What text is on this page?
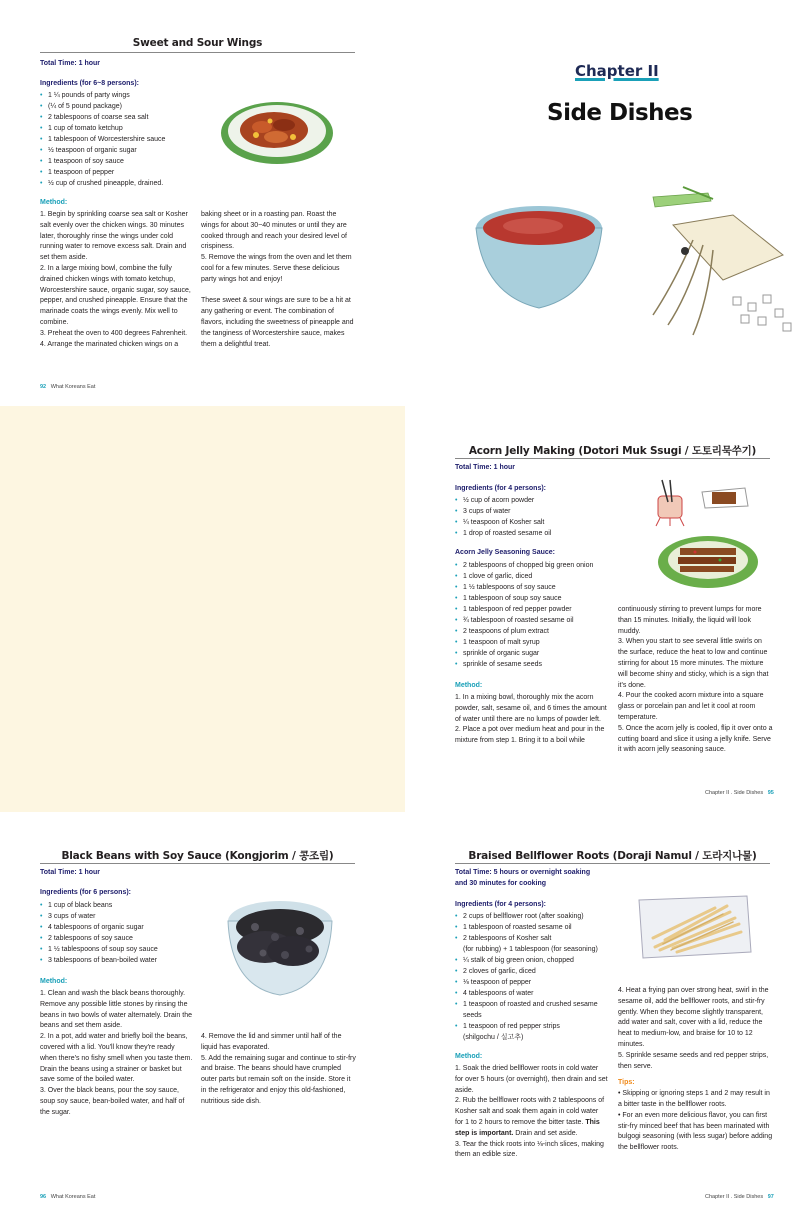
Sweet and Sour Wings
Total Time: 1 hour
Ingredients (for 6~8 persons):
• 1 ¼ pounds of party wings
• (¼ of 5 pound package)
• 2 tablespoons of coarse sea salt
• 1 cup of tomato ketchup
• 1 tablespoon of Worcestershire sauce
• ½ teaspoon of organic sugar
• 1 teaspoon of soy sauce
• 1 teaspoon of pepper
• ½ cup of crushed pineapple, drained.
Method:

1. Begin by sprinkling coarse sea salt or Kosher salt evenly over the chicken wings. 30 minutes later, thoroughly rinse the wings under cold running water to remove excess salt. Drain and set them aside.

2. In a large mixing bowl, combine the fully drained chicken wings with tomato ketchup, Worcestershire sauce, organic sugar, soy sauce, pepper, and crushed pineapple. Ensure that the marinade coats the wings evenly. Mix well to combine.

3. Preheat the oven to 400 degrees Fahrenheit.

4. Arrange the marinated chicken wings on a

baking sheet or in a roasting pan. Roast the wings for about 30~40 minutes or until they are cooked through and reach your desired level of crispiness.

5. Remove the wings from the oven and let them cool for a few minutes. Serve these delicious party wings hot and enjoy!

These sweet & sour wings are sure to be a hit at any gathering or event. The combination of flavors, including the sweetness of pineapple and the tanginess of Worcestershire sauce, makes them a delightful treat.

92 What Koreans Eat
Chapter II
Side Dishes
Acorn Jelly Making (Dotori Muk Ssugi / 도토리묵쑤기)
Total Time: 1 hour
Ingredients (for 4 persons):
• ½ cup of acorn powder
• 3 cups of water
• ¼ teaspoon of Kosher salt
• 1 drop of roasted sesame oil
Acorn Jelly Seasoning Sauce:
• 2 tablespoons of chopped big green onion
• 1 clove of garlic, diced
• 1 ½ tablespoons of soy sauce
• 1 tablespoon of soup soy sauce
• 1 tablespoon of red pepper powder
• ¾ tablespoon of roasted sesame oil
• 2 teaspoons of plum extract
• 1 teaspoon of malt syrup
• sprinkle of organic sugar
• sprinkle of sesame seeds
Method:

1. In a mixing bowl, thoroughly mix the acorn powder, salt, sesame oil, and 6 times the amount of water until there are no lumps of powder left.

2. Place a pot over medium heat and pour in the mixture from step 1. Bring it to a boil while

continuously stirring to prevent lumps for more than 15 minutes. Initially, the liquid will look muddy.

3. When you start to see several little swirls on the surface, reduce the heat to low and continue stirring for about 15 more minutes. The mixture will become shiny and sticky, which is a sign that it's done.

4. Pour the cooked acorn mixture into a square glass or porcelain pan and let it cool at room temperature.

5. Once the acorn jelly is cooled, flip it over onto a cutting board and slice it using a jelly knife. Serve it with acorn jelly seasoning sauce.

Chapter II . Side Dishes 95
Black Beans with Soy Sauce (Kongjorim / 콩조림)
Total Time: 1 hour
Ingredients (for 6 persons):
• 1 cup of black beans
• 3 cups of water
• 4 tablespoons of organic sugar
• 2 tablespoons of soy sauce
• 1 ½ tablespoons of soup soy sauce
• 3 tablespoons of bean-boiled water
Method:

1. Clean and wash the black beans thoroughly. Remove any possible little stones by rinsing the beans in two bowls of water alternately. Drain the beans and set them aside.

2. In a pot, add water and briefly boil the beans, covered with a lid. You'll know they're ready when there's no fishy smell when you taste them. Drain the beans using a strainer or basket but save some of the boiled water.

3. Over the black beans, pour the soy sauce, soup soy sauce, bean-boiled water, and half of the sugar.

4. Remove the lid and simmer until half of the liquid has evaporated.

5. Add the remaining sugar and continue to stir-fry and braise. The beans should have crumpled outer parts but remain soft on the inside. Store it in the refrigerator and enjoy this old-fashioned, nutritious side dish.

96 What Koreans Eat
Braised Bellflower Roots (Doraji Namul / 도라지나물)
Total Time: 5 hours or overnight soaking
and 30 minutes for cooking
Ingredients (for 4 persons):
• 2 cups of bellflower root (after soaking)
• 1 tablespoon of roasted sesame oil
• 2 tablespoons of Kosher salt
(for rubbing) + 1 tablespoon (for seasoning)
• ¼ stalk of big green onion, chopped
• 2 cloves of garlic, diced
• ⅛ teaspoon of pepper
• 4 tablespoons of water
• 1 teaspoon of roasted and crushed sesame
seeds
• 1 teaspoon of red pepper strips
(shilgochu / 실고추)
Method:

1. Soak the dried bellflower roots in cold water for over 5 hours (or overnight), then drain and set aside.

2. Rub the bellflower roots with 2 tablespoons of Kosher salt and soak them again in cold water for 1 to 2 hours to remove the bitter taste. This step is important. Drain and set aside.

3. Tear the thick roots into ⅛-inch slices, making them an edible size.

4. Heat a frying pan over strong heat, swirl in the sesame oil, add the bellflower roots, and stir-fry gently. When they become slightly transparent, add water and salt, cover with a lid, reduce the heat to medium-low, and braise for 10 to 12 minutes.

5. Sprinkle sesame seeds and red pepper strips, then serve.

Tips:

• Skipping or ignoring steps 1 and 2 may result in a bitter taste in the bellflower roots.

• For an even more delicious flavor, you can first stir-fry minced beef that has been marinated with bulgogi seasoning (with less sugar) before adding the bellflower roots.

Chapter II . Side Dishes 97
